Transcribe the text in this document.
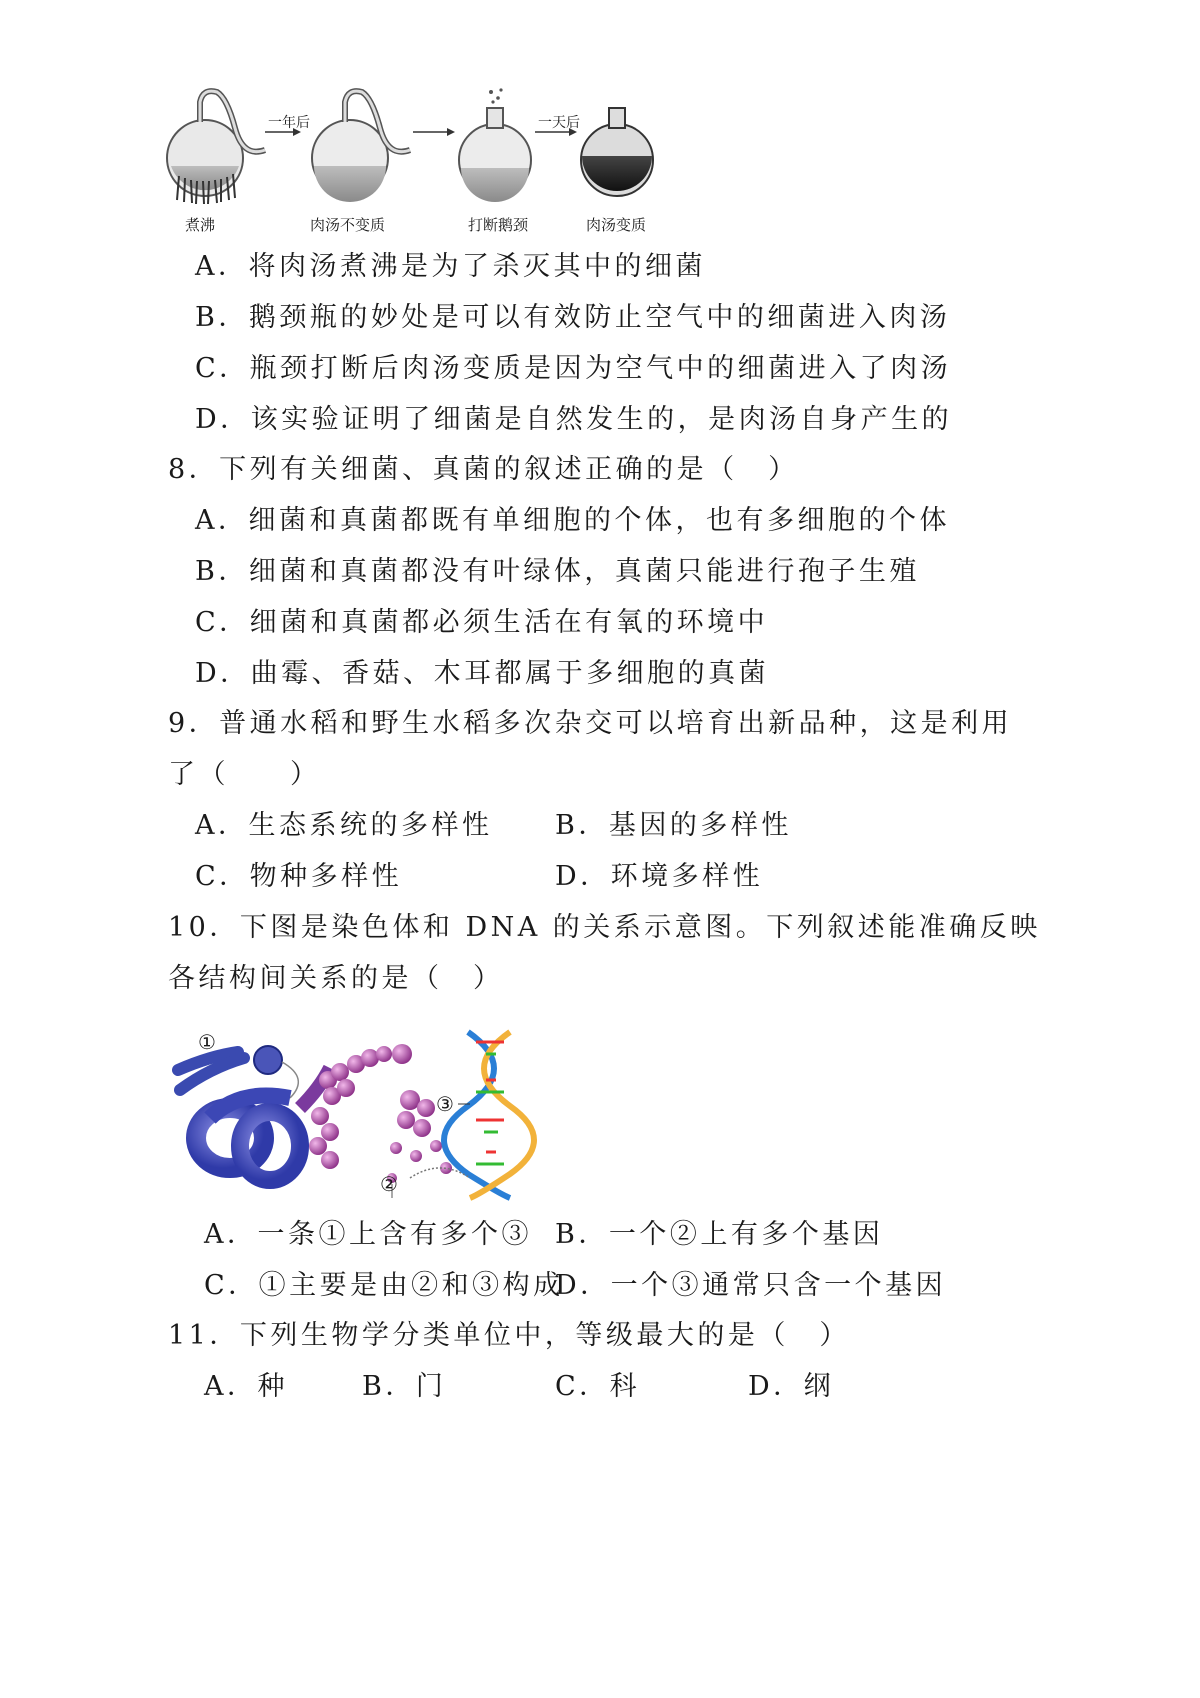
一年后	一天后
煮沸	肉汤不变质	打断鹅颈	肉汤变质
A．将肉汤煮沸是为了杀灭其中的细菌
B．鹅颈瓶的妙处是可以有效防止空气中的细菌进入肉汤
C．瓶颈打断后肉汤变质是因为空气中的细菌进入了肉汤
D．该实验证明了细菌是自然发生的，是肉汤自身产生的
8．下列有关细菌、真菌的叙述正确的是（　）
A．细菌和真菌都既有单细胞的个体，也有多细胞的个体
B．细菌和真菌都没有叶绿体，真菌只能进行孢子生殖
C．细菌和真菌都必须生活在有氧的环境中
D．曲霉、香菇、木耳都属于多细胞的真菌
9．普通水稻和野生水稻多次杂交可以培育出新品种，这是利用
了（　　）
A．生态系统的多样性 B．基因的多样性
C．物种多样性	D．环境多样性
10．下图是染色体和 DNA 的关系示意图。下列叙述能准确反映
各结构间关系的是（　）
①
②
③
A．一条①上含有多个③ B．一个②上有多个基因
C．①主要是由②和③构成
D．一个③通常只含一个基因
11．下列生物学分类单位中，等级最大的是（　）
A．种	B．门	C．科	D．纲
